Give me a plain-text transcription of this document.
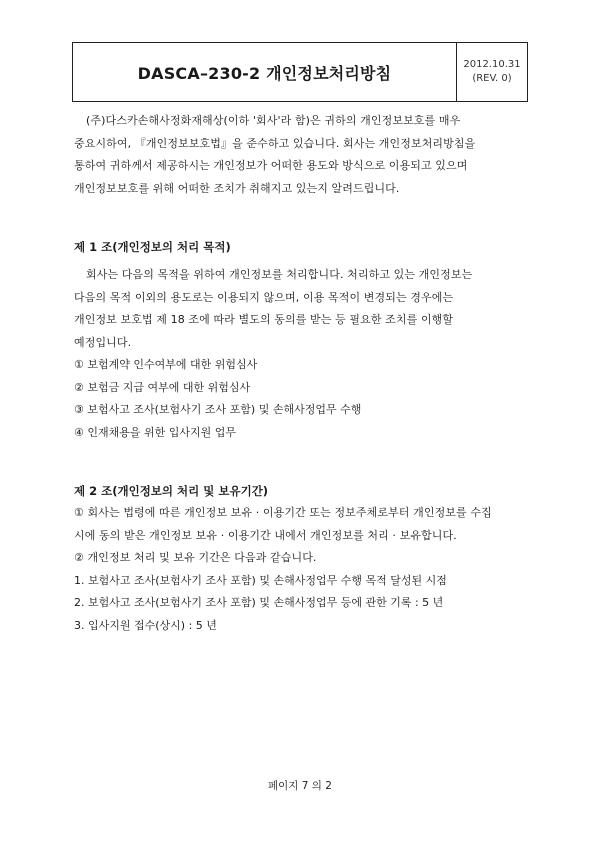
DASCA–230-2 개인정보처리방침	2012.10.31
(REV. 0)

(주)다스카손해사정화재해상(이하 '회사'라 함)은 귀하의 개인정보보호를 매우

중요시하여, 『개인정보보호법』을 준수하고 있습니다. 회사는 개인정보처리방침을

통하여 귀하께서 제공하시는 개인정보가 어떠한 용도와 방식으로 이용되고 있으며

개인정보보호를 위해 어떠한 조치가 취해지고 있는지 알려드립니다.

제 1 조(개인정보의 처리 목적)

회사는 다음의 목적을 위하여 개인정보를 처리합니다. 처리하고 있는 개인정보는

다음의 목적 이외의 용도로는 이용되지 않으며, 이용 목적이 변경되는 경우에는

개인정보 보호법 제 18 조에 따라 별도의 동의를 받는 등 필요한 조치를 이행할

예정입니다.

① 보험계약 인수여부에 대한 위험심사

② 보험금 지급 여부에 대한 위험심사

③ 보험사고 조사(보험사기 조사 포함) 및 손해사정업무 수행

④ 인재채용을 위한 입사지원 업무

제 2 조(개인정보의 처리 및 보유기간)

① 회사는 법령에 따른 개인정보 보유 · 이용기간 또는 정보주체로부터 개인정보를 수집

시에 동의 받은 개인정보 보유 · 이용기간 내에서 개인정보를 처리 · 보유합니다.

② 개인정보 처리 및 보유 기간은 다음과 같습니다.

1. 보험사고 조사(보험사기 조사 포함) 및 손해사정업무 수행 목적 달성된 시점

2. 보험사고 조사(보험사기 조사 포함) 및 손해사정업무 등에 관한 기록 : 5 년

3. 입사지원 접수(상시) : 5 년

페이지 7 의 2
